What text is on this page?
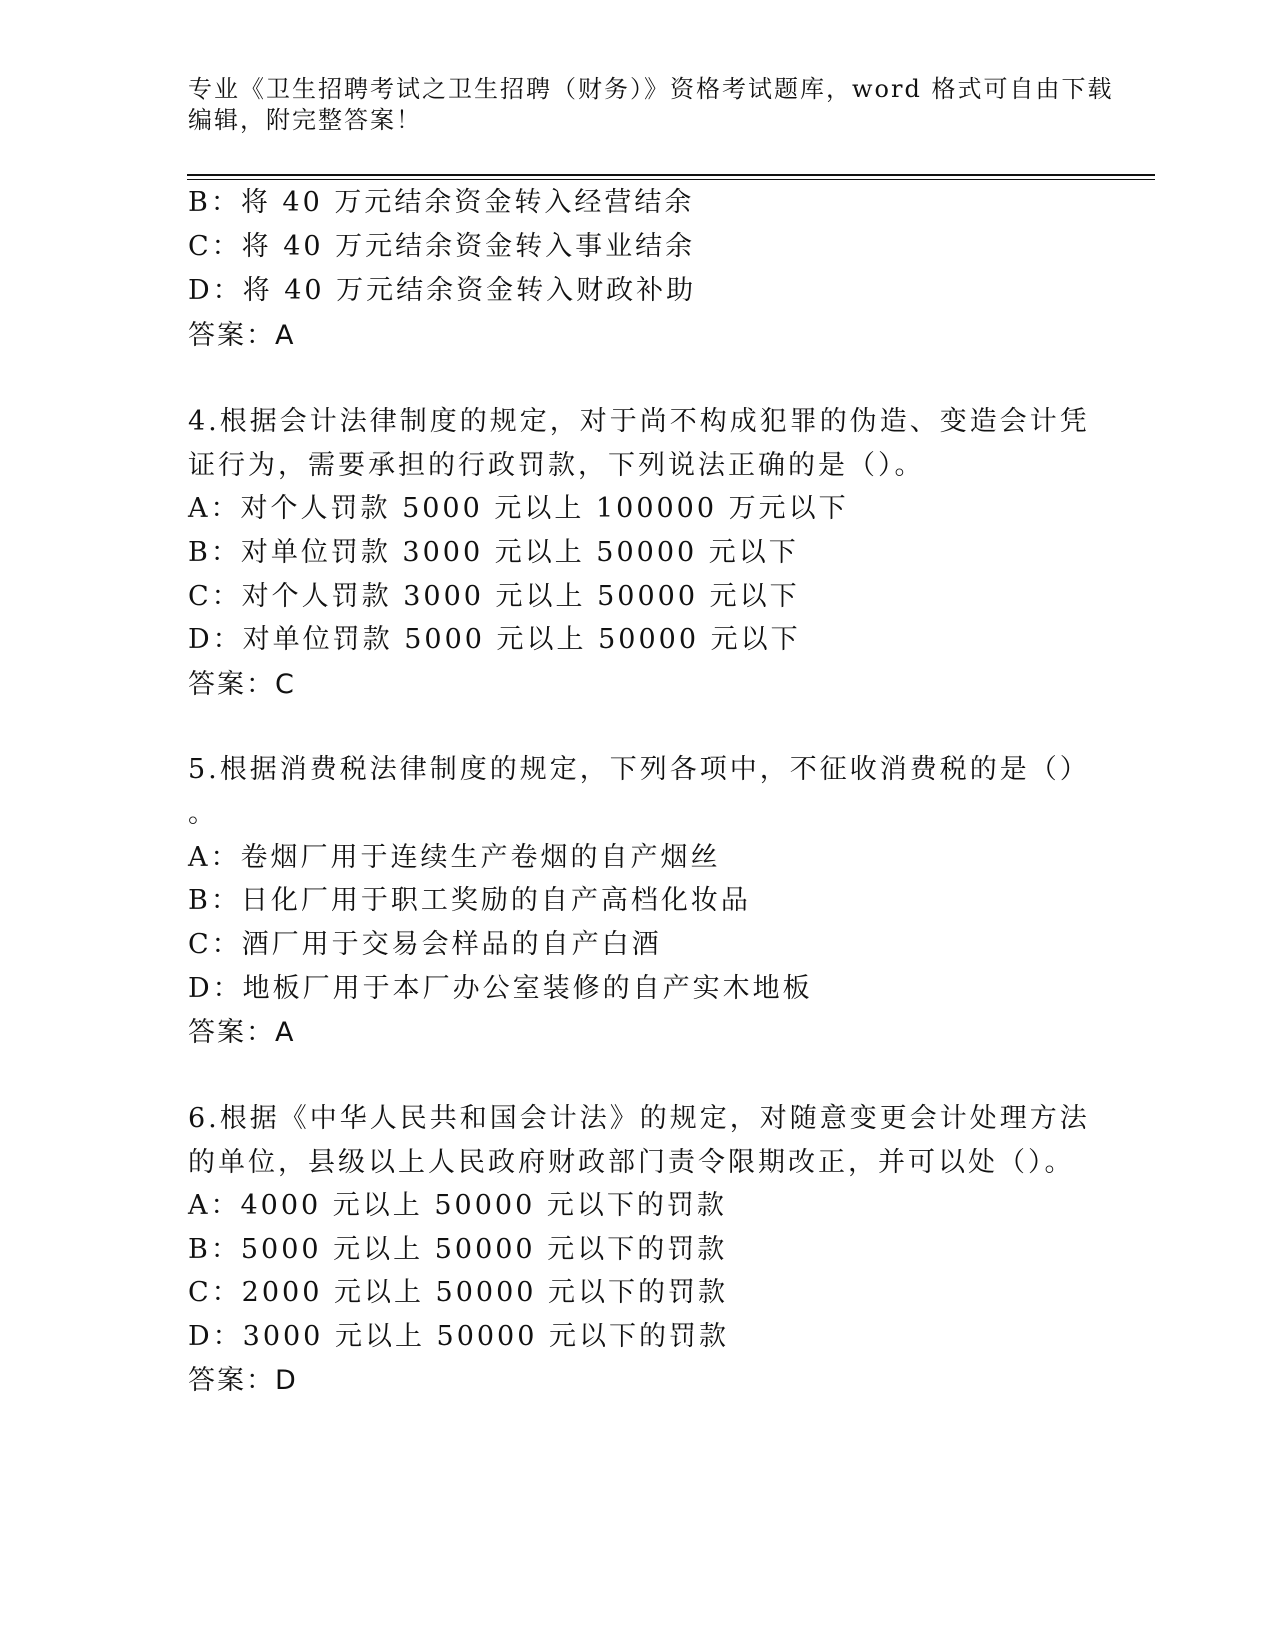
专业《卫生招聘考试之卫生招聘（财务）》资格考试题库，word 格式可自由下载
编辑，附完整答案！
B：将 40 万元结余资金转入经营结余
C：将 40 万元结余资金转入事业结余
D：将 40 万元结余资金转入财政补助
答案：A
4.根据会计法律制度的规定，对于尚不构成犯罪的伪造、变造会计凭
证行为，需要承担的行政罚款，下列说法正确的是（）。
A：对个人罚款 5000 元以上 100000 万元以下
B：对单位罚款 3000 元以上 50000 元以下
C：对个人罚款 3000 元以上 50000 元以下
D：对单位罚款 5000 元以上 50000 元以下
答案：C
5.根据消费税法律制度的规定，下列各项中，不征收消费税的是（）
。
A：卷烟厂用于连续生产卷烟的自产烟丝
B：日化厂用于职工奖励的自产高档化妆品
C：酒厂用于交易会样品的自产白酒
D：地板厂用于本厂办公室装修的自产实木地板
答案：A
6.根据《中华人民共和国会计法》的规定，对随意变更会计处理方法
的单位，县级以上人民政府财政部门责令限期改正，并可以处（）。
A：4000 元以上 50000 元以下的罚款
B：5000 元以上 50000 元以下的罚款
C：2000 元以上 50000 元以下的罚款
D：3000 元以上 50000 元以下的罚款
答案：D
